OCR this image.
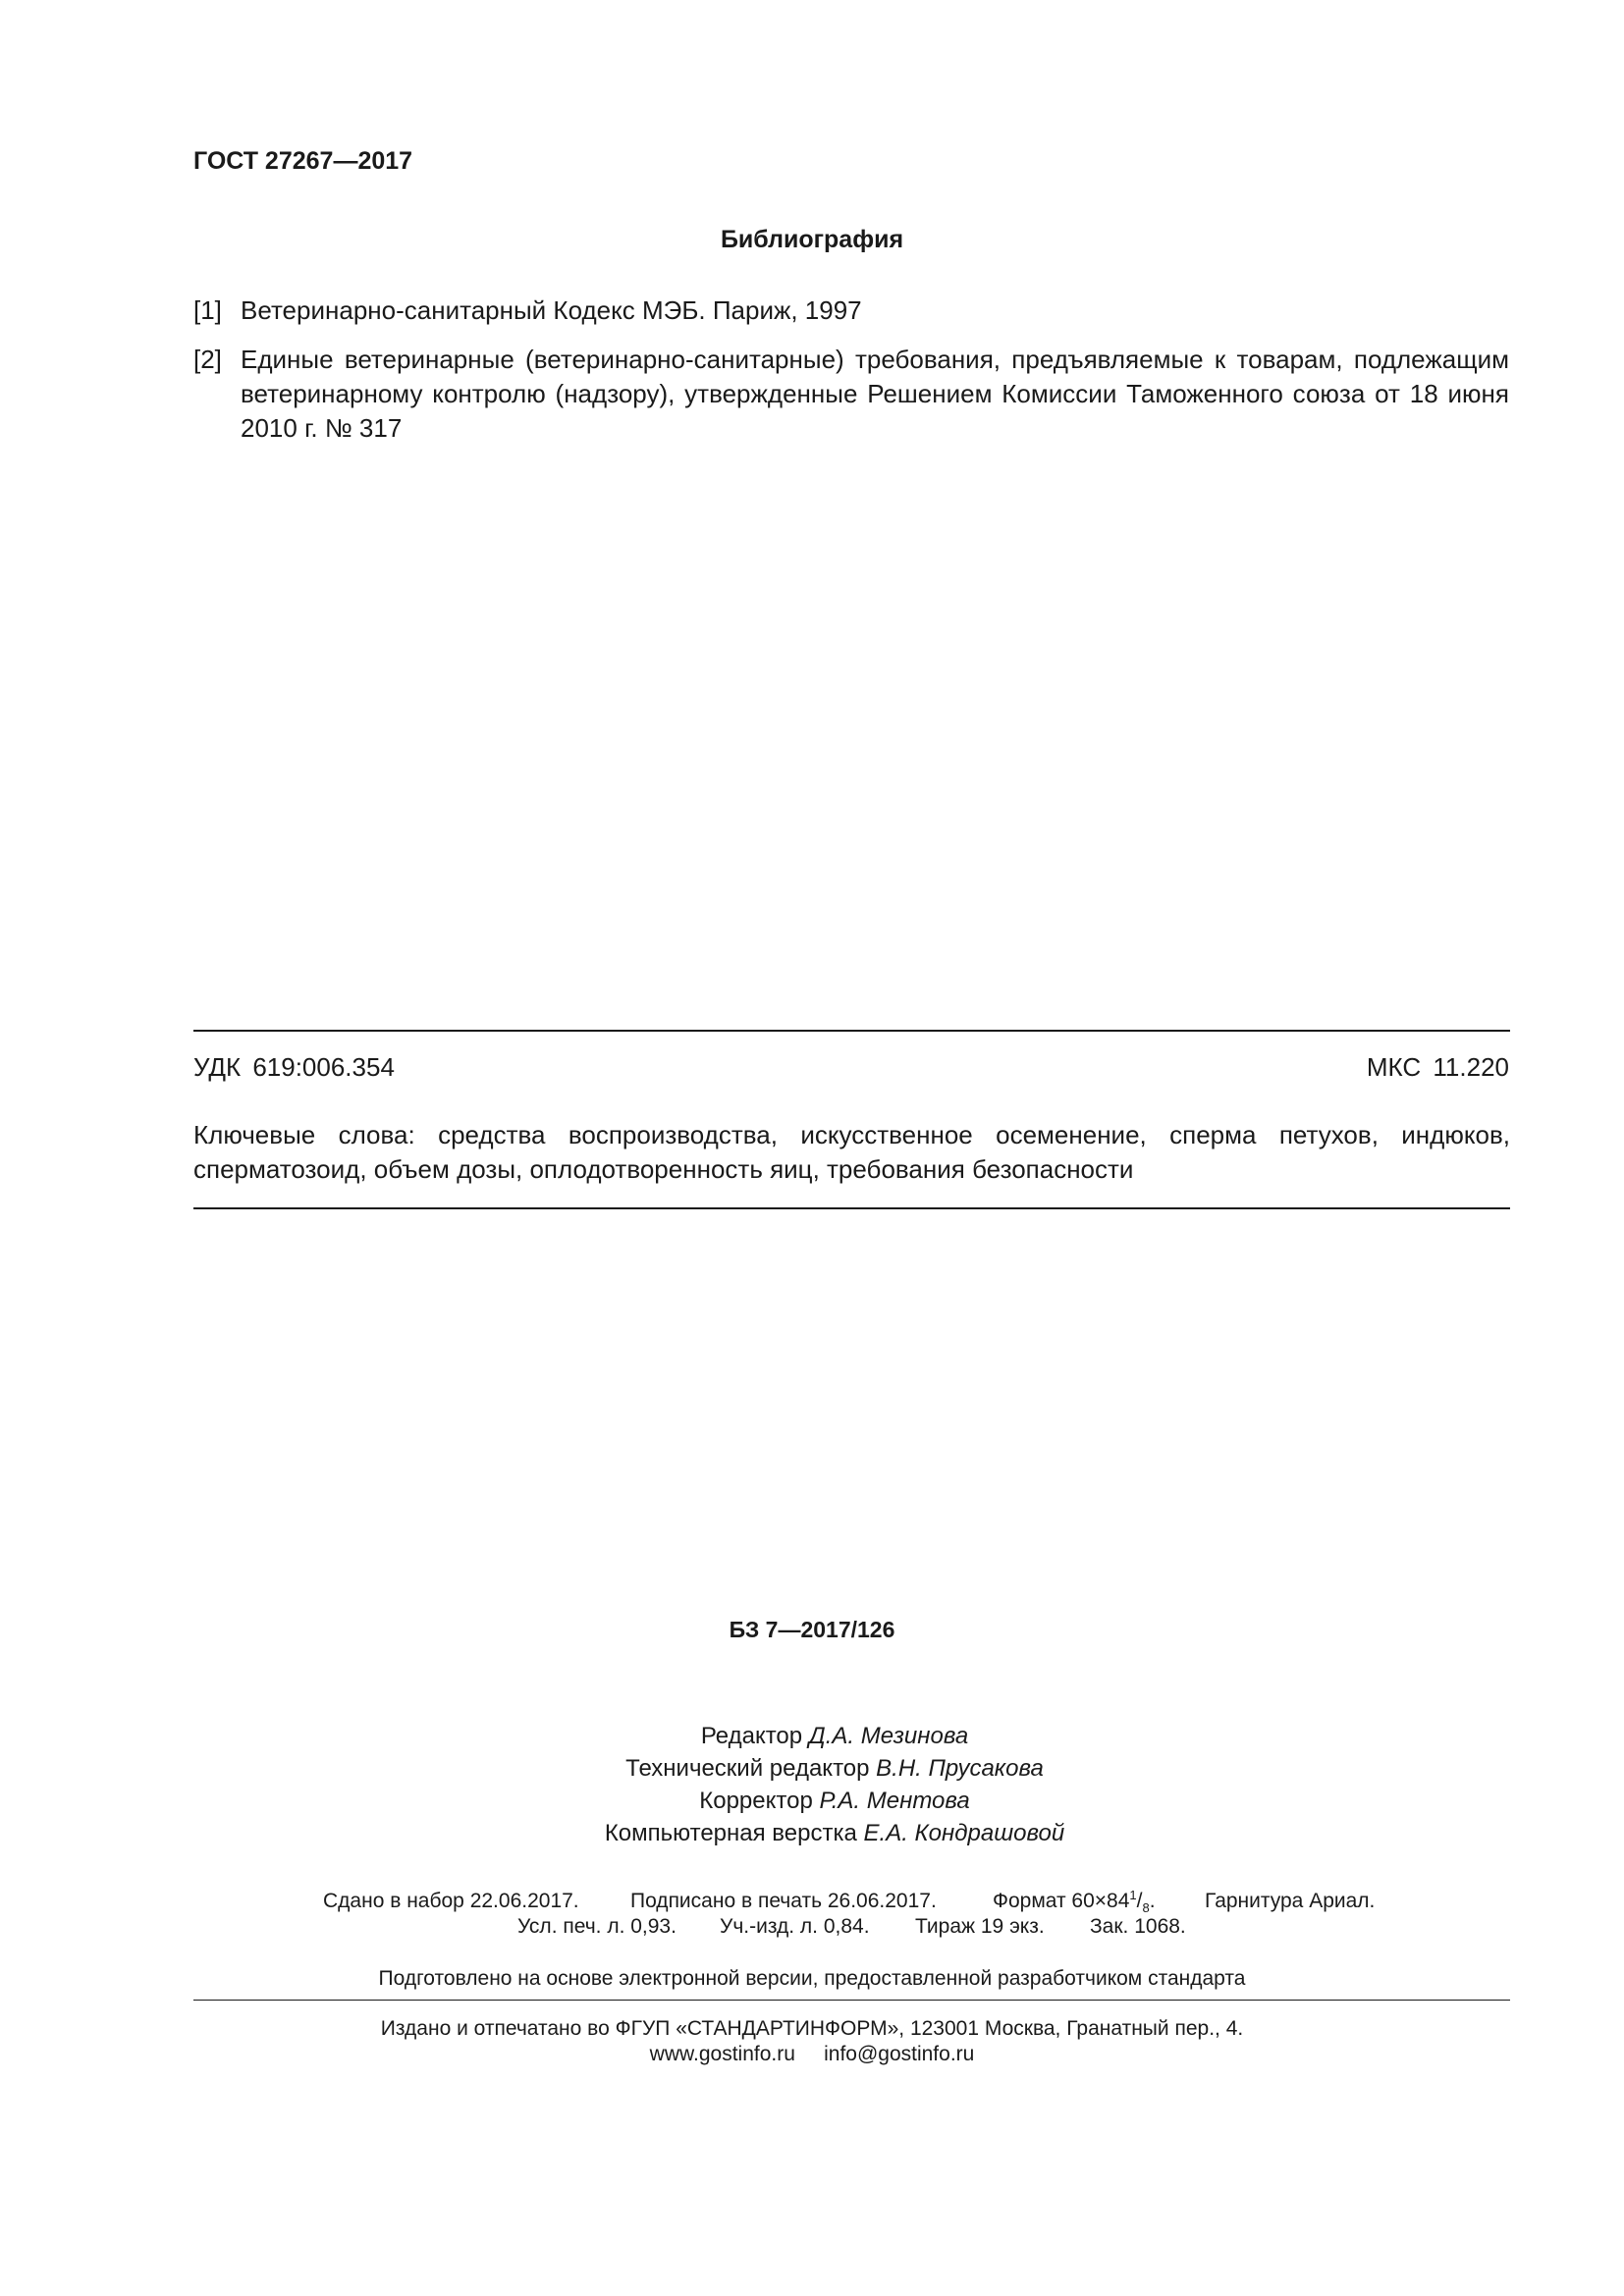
ГОСТ 27267—2017
Библиография
[1] Ветеринарно-санитарный Кодекс МЭБ. Париж, 1997
[2] Единые ветеринарные (ветеринарно-санитарные) требования, предъявляемые к товарам, подлежащим ветеринарному контролю (надзору), утвержденные Решением Комиссии Таможенного союза от 18 июня 2010 г. № 317
УДК 619:006.354	МКС 11.220
Ключевые слова: средства воспроизводства, искусственное осеменение, сперма петухов, индюков, сперматозоид, объем дозы, оплодотворенность яиц, требования безопасности
БЗ 7—2017/126
Редактор Д.А. Мезинова
Технический редактор В.Н. Прусакова
Корректор Р.А. Ментова
Компьютерная верстка Е.А. Кондрашовой
Сдано в набор 22.06.2017. Подписано в печать 26.06.2017.	Формат $60\times 84^1/_8$. Гарнитура Ариал.
Усл. печ. л. 0,93. Уч.-изд. л. 0,84. Тираж 19 экз. Зак. 1068.
Подготовлено на основе электронной версии, предоставленной разработчиком стандарта
Издано и отпечатано во ФГУП «СТАНДАРТИНФОРМ», 123001 Москва, Гранатный пер., 4.
www.gostinfo.ru info@gostinfo.ru
